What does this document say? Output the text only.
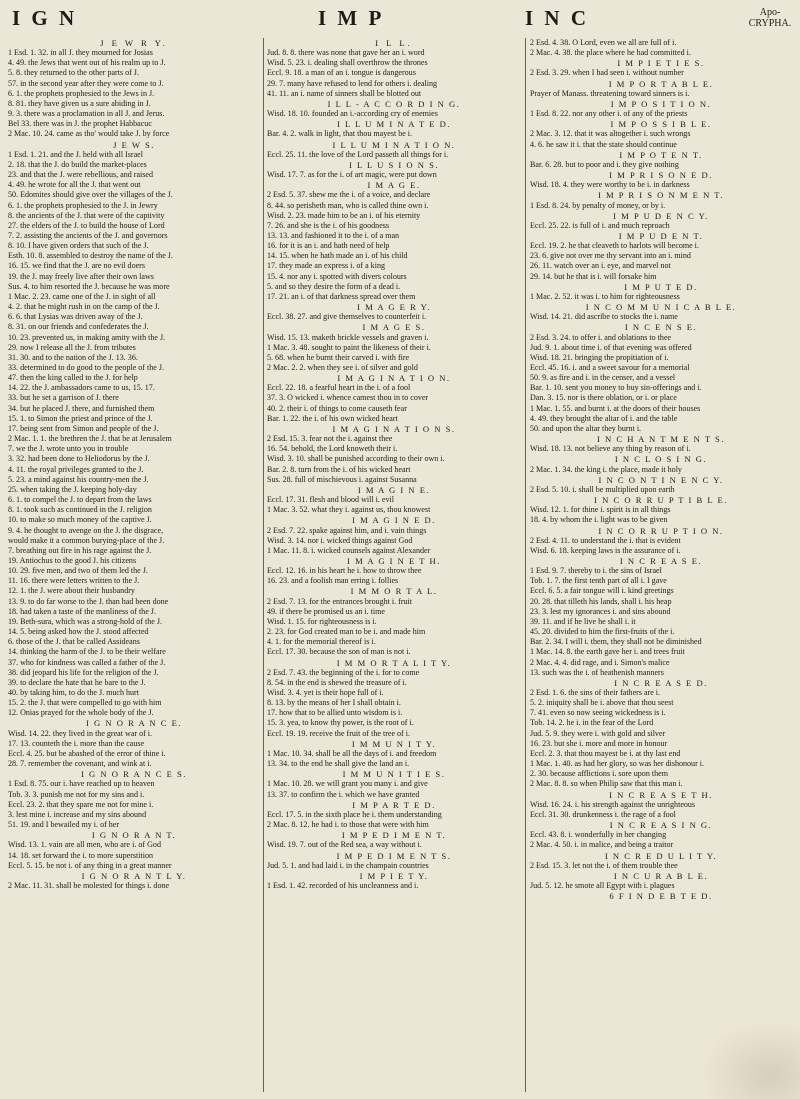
I G N	I M P	I N C	Apo-
CRYPHA.

J E W R Y.

1 Esd. 1. 32. in all J. they mourned for Josias

4. 49. the Jews that went out of his realm up to J.

5. 8. they returned to the other parts of J.

57. in the second year after they were come to J.

6. 1. the prophets prophesied to the Jews in J.

8. 81. they have given us a sure abiding in J.

9. 3. there was a proclamation in all J. and Jerus.

Bel 33. there was in J. the prophet Habbacuc

2 Mac. 10. 24. came as tho' would take J. by force

J E W S.

1 Esd. 1. 21. and the J. held with all Israel

2. 18. that the J. do build the market-places

23. and that the J. were rebellious, and raised

4. 49. he wrote for all the J. that went out

50. Edomites should give over the villages of the J.

6. 1. the prophets prophesied to the J. in Jewry

8. the ancients of the J. that were of the captivity

27. the elders of the J. to build the house of Lord

7. 2. assisting the ancients of the J. and governors

8. 10. I have given orders that such of the J.

Esth. 10. 8. assembled to destroy the name of the J.

16. 15. we find that the J. are no evil doers

19. the J. may freely live after their own laws

Sus. 4. to him resorted the J. because he was more

1 Mac. 2. 23. came one of the J. in sight of all

4. 2. that he might rush in on the camp of the J.

6. 6. that Lysias was driven away of the J.

8. 31. on our friends and confederates the J.

10. 23. prevented us, in making amity with the J.

29. now I release all the J. from tributes

31. 30. and to the nation of the J. 13. 36.

33. determined to do good to the people of the J.

47. then the king called to the J. for help

14. 22. the J. ambassadors came to us, 15. 17.

33. but he set a garrison of J. there

34. but he placed J. there, and furnished them

15. 1. to Simon the priest and prince of the J.

17. being sent from Simon and people of the J.

2 Mac. 1. 1. the brethren the J. that be at Jerusalem

7. we the J. wrote unto you in trouble

3. 32. had been done to Heliodorus by the J.

4. 11. the royal privileges granted to the J.

5. 23. a mind against his country-men the J.

25. when taking the J. keeping holy-day

6. 1. to compel the J. to depart from the laws

8. 1. took such as continued in the J. religion

10. to make so much money of the captive J.

9. 4. he thought to avenge on the J. the disgrace,

would make it a common burying-place of the J.

7. breathing out fire in his rage against the J.

19. Antiochus to the good J. his citizens

10. 29. five men, and two of them led the J.

11. 16. there were letters written to the J.

12. 1. the J. were about their husbandry

13. 9. to do far worse to the J. than had been done

18. had taken a taste of the manliness of the J.

19. Beth-sura, which was a strong-hold of the J.

14. 5. being asked how the J. stood affected

6. those of the J. that be called Assideans

14. thinking the harm of the J. to be their welfare

37. who for kindness was called a father of the J.

38. did jeopard his life for the religion of the J.

39. to declare the hate that he bare to the J.

40. by taking him, to do the J. much hurt

15. 2. the J. that were compelled to go with him

12. Onias prayed for the whole body of the J.

I G N O R A N C E.

Wisd. 14. 22. they lived in the great war of i.

17. 13. counteth the i. more than the cause

Eccl. 4. 25. but be abashed of the error of thine i.

28. 7. remember the covenant, and wink at i.

I G N O R A N C E S.

1 Esd. 8. 75. our i. have reached up to heaven

Tob. 3. 3. punish me not for my sins and i.

Eccl. 23. 2. that they spare me not for mine i.

3. lest mine i. increase and my sins abound

51. 19. and I bewailed my i. of her

I G N O R A N T.

Wisd. 13. 1. vain are all men, who are i. of God

14. 18. set forward the i. to more superstition

Eccl. 5. 15. be not i. of any thing in a great manner

I G N O R A N T L Y.

2 Mac. 11. 31. shall be molested for things i. done

I L L.

Jud. 8. 8. there was none that gave her an i. word

Wisd. 5. 23. i. dealing shall overthrow the thrones

Eccl. 9. 18. a man of an i. tongue is dangerous

29. 7. many have refused to lend for others i. dealing

41. 11. an i. name of sinners shall be blotted out

I L L - A C C O R D I N G.

Wisd. 18. 10. founded an i.-according cry of enemies

I L L U M I N A T E D.

Bar. 4. 2. walk in light, that thou mayest be i.

I L L U M I N A T I O N.

Eccl. 25. 11. the love of the Lord passeth all things for i.

I L L U S I O N S.

Wisd. 17. 7. as for the i. of art magic, were put down

I M A G E.

2 Esd. 5. 37. shew me the i. of a voice, and declare

8. 44. so perisheth man, who is called thine own i.

Wisd. 2. 23. made him to be an i. of his eternity

7. 26. and she is the i. of his goodness

13. 13. and fashioned it to the i. of a man

16. for it is an i. and hath need of help

14. 15. when he hath made an i. of his child

17. they made an express i. of a king

15. 4. nor any i. spotted with divers colours

5. and so they desire the form of a dead i.

17. 21. an i. of that darkness spread over them

I M A G E R Y.

Eccl. 38. 27. and give themselves to counterfeit i.

I M A G E S.

Wisd. 15. 13. maketh brickle vessels and graven i.

1 Mac. 3. 48. sought to paint the likeness of their i.

5. 68. when he burnt their carved i. with fire

2 Mac. 2. 2. when they see i. of silver and gold

I M A G I N A T I O N.

Eccl. 22. 18. a fearful heart in the i. of a fool

37. 3. O wicked i. whence camest thou in to cover

40. 2. their i. of things to come causeth fear

Bar. 1. 22. the i. of his own wicked heart

I M A G I N A T I O N S.

2 Esd. 15. 3. fear not the i. against thee

16. 54. behold, the Lord knoweth their i.

Wisd. 3. 10. shall be punished according to their own i.

Bar. 2. 8. turn from the i. of his wicked heart

Sus. 28. full of mischievous i. against Susanna

I M A G I N E.

Eccl. 17. 31. flesh and blood will i. evil

1 Mac. 3. 52. what they i. against us, thou knowest

I M A G I N E D.

2 Esd. 7. 22. spake against him, and i. vain things

Wisd. 3. 14. nor i. wicked things against God

1 Mac. 11. 8. i. wicked counsels against Alexander

I M A G I N E T H.

Eccl. 12. 16. in his heart he i. how to throw thee

16. 23. and a foolish man erring i. follies

I M M O R T A L.

2 Esd. 7. 13. for the entrances brought i. fruit

49. if there be promised us an i. time

Wisd. 1. 15. for righteousness is i.

2. 23. for God created man to be i. and made him

4. 1. for the memorial thereof is i.

Eccl. 17. 30. because the son of man is not i.

I M M O R T A L I T Y.

2 Esd. 7. 43. the beginning of the i. for to come

8. 54. in the end is shewed the treasure of i.

Wisd. 3. 4. yet is their hope full of i.

8. 13. by the means of her I shall obtain i.

17. how that to be allied unto wisdom is i.

15. 3. yea, to know thy power, is the root of i.

Eccl. 19. 19. receive the fruit of the tree of i.

I M M U N I T Y.

1 Mac. 10. 34. shall be all the days of i. and freedom

13. 34. to the end he shall give the land an i.

I M M U N I T I E S.

1 Mac. 10. 28. we will grant you many i. and give

13. 37. to confirm the i. which we have granted

I M P A R T E D.

Eccl. 17. 5. in the sixth place he i. them understanding

2 Mac. 8. 12. he had i. to those that were with him

I M P E D I M E N T.

Wisd. 19. 7. out of the Red sea, a way without i.

I M P E D I M E N T S.

Jud. 5. 1. and had laid i. in the champain countries

I M P I E T Y.

1 Esd. 1. 42. recorded of his uncleanness and i.

2 Esd. 4. 38. O Lord, even we all are full of i.

2 Mac. 4. 38. the place where he had committed i.

I M P I E T I E S.

2 Esd. 3. 29. when I had seen i. without number

I M P O R T A B L E.

Prayer of Manass. threatening toward sinners is i.

I M P O S I T I O N.

1 Esd. 8. 22. nor any other i. of any of the priests

I M P O S S I B L E.

2 Mac. 3. 12. that it was altogether i. such wrongs

4. 6. he saw it i. that the state should continue

I M P O T E N T.

Bar. 6. 28. but to poor and i. they give nothing

I M P R I S O N E D.

Wisd. 18. 4. they were worthy to be i. in darkness

I M P R I S O N M E N T.

1 Esd. 8. 24. by penalty of money, or by i.

I M P U D E N C Y.

Eccl. 25. 22. is full of i. and much reproach

I M P U D E N T.

Eccl. 19. 2. he that cleaveth to harlots will become i.

23. 6. give not over me thy servant into an i. mind

26. 11. watch over an i. eye, and marvel not

29. 14. but he that is i. will forsake him

I M P U T E D.

1 Mac. 2. 52. it was i. to him for righteousness

I N C O M M U N I C A B L E.

Wisd. 14. 21. did ascribe to stocks the i. name

I N C E N S E.

2 Esd. 3. 24. to offer i. and oblations to thee

Jud. 9. 1. about time i. of that evening was offered

Wisd. 18. 21. bringing the propitiation of i.

Eccl. 45. 16. i. and a sweet savour for a memorial

50. 9. as fire and i. in the censer, and a vessel

Bar. 1. 10. sent you money to buy sin-offerings and i.

Dan. 3. 15. nor is there oblation, or i. or place

1 Mac. 1. 55. and burnt i. at the doors of their houses

4. 49. they brought the altar of i. and the table

50. and upon the altar they burnt i.

I N C H A N T M E N T S.

Wisd. 18. 13. not believe any thing by reason of i.

I N C L O S I N G.

2 Mac. 1. 34. the king i. the place, made it holy

I N C O N T I N E N C Y.

2 Esd. 5. 10. i. shall be multiplied upon earth

I N C O R R U P T I B L E.

Wisd. 12. 1. for thine i. spirit is in all things

18. 4. by whom the i. light was to be given

I N C O R R U P T I O N.

2 Esd. 4. 11. to understand the i. that is evident

Wisd. 6. 18. keeping laws is the assurance of i.

I N C R E A S E.

1 Esd. 9. 7. thereby to i. the sins of Israel

Tob. 1. 7. the first tenth part of all i. I gave

Eccl. 6. 5. a fair tongue will i. kind greetings

20. 28. that tilleth his lands, shall i. his heap

23. 3. lest my ignorances i. and sins abound

39. 11. and if he live he shall i. it

45. 20. divided to him the first-fruits of the i.

Bar. 2. 34. I will i. them, they shall not be diminished

1 Mac. 14. 8. the earth gave her i. and trees fruit

2 Mac. 4. 4. did rage, and i. Simon's malice

13. such was the i. of heathenish manners

I N C R E A S E D.

2 Esd. 1. 6. the sins of their fathers are i.

5. 2. iniquity shall be i. above that thou seest

7. 41. even so now seeing wickedness is i.

Tob. 14. 2. he i. in the fear of the Lord

Jud. 5. 9. they were i. with gold and silver

16. 23. but she i. more and more in honour

Eccl. 2. 3. that thou mayest be i. at thy last end

1 Mac. 1. 40. as had her glory, so was her dishonour i.

2. 30. because afflictions i. sore upon them

2 Mac. 8. 8. so when Philip saw that this man i.

I N C R E A S E T H.

Wisd. 16. 24. i. his strength against the unrighteous

Eccl. 31. 30. drunkenness i. the rage of a fool

I N C R E A S I N G.

Eccl. 43. 8. i. wonderfully in her changing

2 Mac. 4. 50. i. in malice, and being a traitor

I N C R E D U L I T Y.

2 Esd. 15. 3. let not the i. of them trouble thee

I N C U R A B L E.

Jud. 5. 12. he smote all Egypt with i. plagues

6 F I N D E B T E D.
